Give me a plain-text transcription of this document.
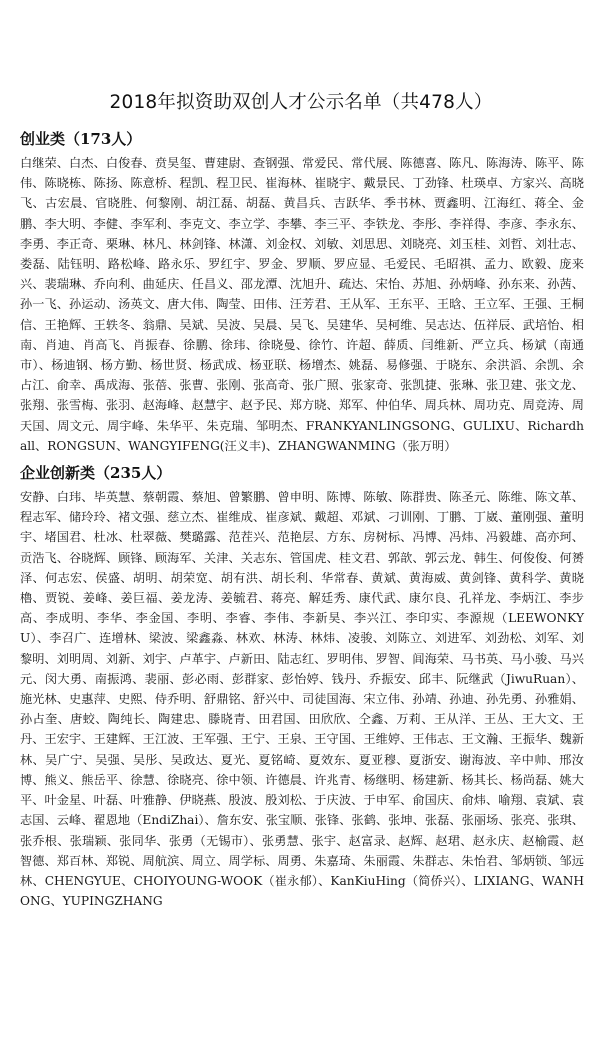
2018年拟资助双创人才公示名单（共478人）
创业类（173人）

白继荣、白杰、白俊春、贲昊玺、曹建尉、查钢强、常爱民、常代展、陈德喜、陈凡、陈海涛、陈平、陈伟、陈晓栋、陈扬、陈意桥、程凯、程卫民、崔海林、崔晓宇、戴景民、丁劲锋、杜瑛卓、方家兴、高晓飞、古宏晨、官晓胜、何黎刚、胡江磊、胡磊、黄昌兵、吉跃华、季书林、贾鑫明、江海红、蒋全、金鹏、李大明、李健、李军利、李克文、李立学、李攀、李三平、李铁龙、李彤、李祥得、李彦、李永东、李勇、李正奇、栗琳、林凡、林剑锋、林潇、刘金权、刘敏、刘思思、刘晓亮、刘玉桂、刘哲、刘壮志、娄磊、陆钰明、路松峰、路永乐、罗红宇、罗金、罗顺、罗应显、毛爱民、毛昭祺、孟力、欧毅、庞来兴、裴瑞琳、乔向利、曲延庆、任昌义、邵龙潭、沈旭升、疏达、宋怡、苏旭、孙炳峰、孙东来、孙茜、孙一飞、孙运动、汤英文、唐大伟、陶莹、田伟、汪芳君、王从军、王东平、王晗、王立军、王强、王桐信、王艳辉、王轶冬、翁鼎、吴斌、吴波、吴晨、吴飞、吴建华、吴柯维、吴志达、伍祥辰、武培怡、相南、肖迪、肖高飞、肖振春、徐鹏、徐玮、徐晓曼、徐竹、许超、薛质、闫维新、严立兵、杨斌（南通市）、杨迪钢、杨方勤、杨世贤、杨武成、杨亚联、杨增杰、姚磊、易修强、于晓东、余洪滔、余凯、余占江、俞幸、禹成海、张蓓、张曹、张刚、张高奇、张广照、张家奇、张凯捷、张琳、张卫建、张文龙、张翔、张雪梅、张羽、赵海峰、赵慧宇、赵予民、郑方晓、郑军、仲伯华、周兵林、周功克、周竞涛、周天国、周文元、周宇峰、朱华平、朱克瑞、邹明杰、FRANKYANLINGSONG、GULIXU、Richardhall、RONGSUN、WANGYIFENG(汪义丰)、ZHANGWANMING（张万明）

企业创新类（235人）

安静、白玮、毕英慧、蔡朝霞、蔡旭、曾繁鹏、曾申明、陈博、陈敏、陈群贵、陈圣元、陈维、陈文革、程志军、储玲玲、褚文强、慈立杰、崔维成、崔彦斌、戴超、邓斌、刁训刚、丁鹏、丁崴、董刚强、董明宇、堵国君、杜冰、杜翠薇、樊璐露、范茬兴、范艳层、方东、房树标、冯博、冯炜、冯毅雄、高亦珂、贡浩飞、谷晓辉、顾锋、顾海军、关津、关志东、管国虎、桂文君、郭歆、郭云龙、韩生、何俊俊、何赟泽、何志宏、侯盛、胡明、胡荣宽、胡有洪、胡长利、华常春、黄斌、黄海威、黄剑锋、黄科学、黄晓櫓、贾锐、姜峰、姜巨福、姜龙涛、姜毓君、蒋亮、解廷秀、康代武、康尔良、孔祥龙、李炳江、李步高、李成明、李华、李金国、李明、李睿、李伟、李新昊、李兴江、李印实、李源规（LEEWONKYU）、李召广、连增林、梁波、梁鑫淼、林欢、林涛、林炜、凌骏、刘陈立、刘进军、刘劲松、刘军、刘黎明、刘明周、刘新、刘宇、卢革宇、卢新田、陆志红、罗明伟、罗智、闾海荣、马书英、马小骏、马兴元、闵大勇、南振鸿、裴丽、彭必雨、彭群家、彭怡婷、钱丹、乔振安、邱丰、阮继武（JiwuRuan）、施光林、史惠萍、史熙、侍乔明、舒鼎铭、舒兴中、司徒国海、宋立伟、孙靖、孙迪、孙先勇、孙雅娟、孙占奎、唐蛟、陶纯长、陶建忠、滕晓青、田君国、田欣欣、仝鑫、万莉、王从洋、王丛、王大文、王丹、王宏宇、王建辉、王江波、王军强、王宁、王泉、王守国、王维婷、王伟志、王文瀚、王振华、魏新林、吴广宁、吴强、吴彤、吴政达、夏光、夏铭崎、夏效东、夏亚穆、夏浙安、谢海波、辛中帅、邢汝博、熊义、熊岳平、徐慧、徐晓亮、徐中领、许德晨、许兆青、杨继明、杨建新、杨其长、杨尚磊、姚大平、叶金星、叶磊、叶雅静、伊晓燕、殷波、殷刘松、于庆波、于申军、俞国庆、俞炜、喻翔、袁斌、袁志国、云峰、翟恩地（EndiZhai）、詹东安、张宝顺、张锋、张鹤、张坤、张磊、张丽场、张亮、张琪、张乔根、张瑞颖、张同华、张勇（无锡市）、张勇慧、张宇、赵富录、赵辉、赵珺、赵永庆、赵榆霞、赵智德、郑百林、郑锐、周航滨、周立、周学标、周勇、朱嘉琦、朱丽霞、朱群志、朱怡君、邹炳锁、邹远林、CHENGYUE、CHOIYOUNG-WOOK（崔永郁）、KanKiuHing（简侨兴）、LIXIANG、WANHONG、YUPINGZHANG
